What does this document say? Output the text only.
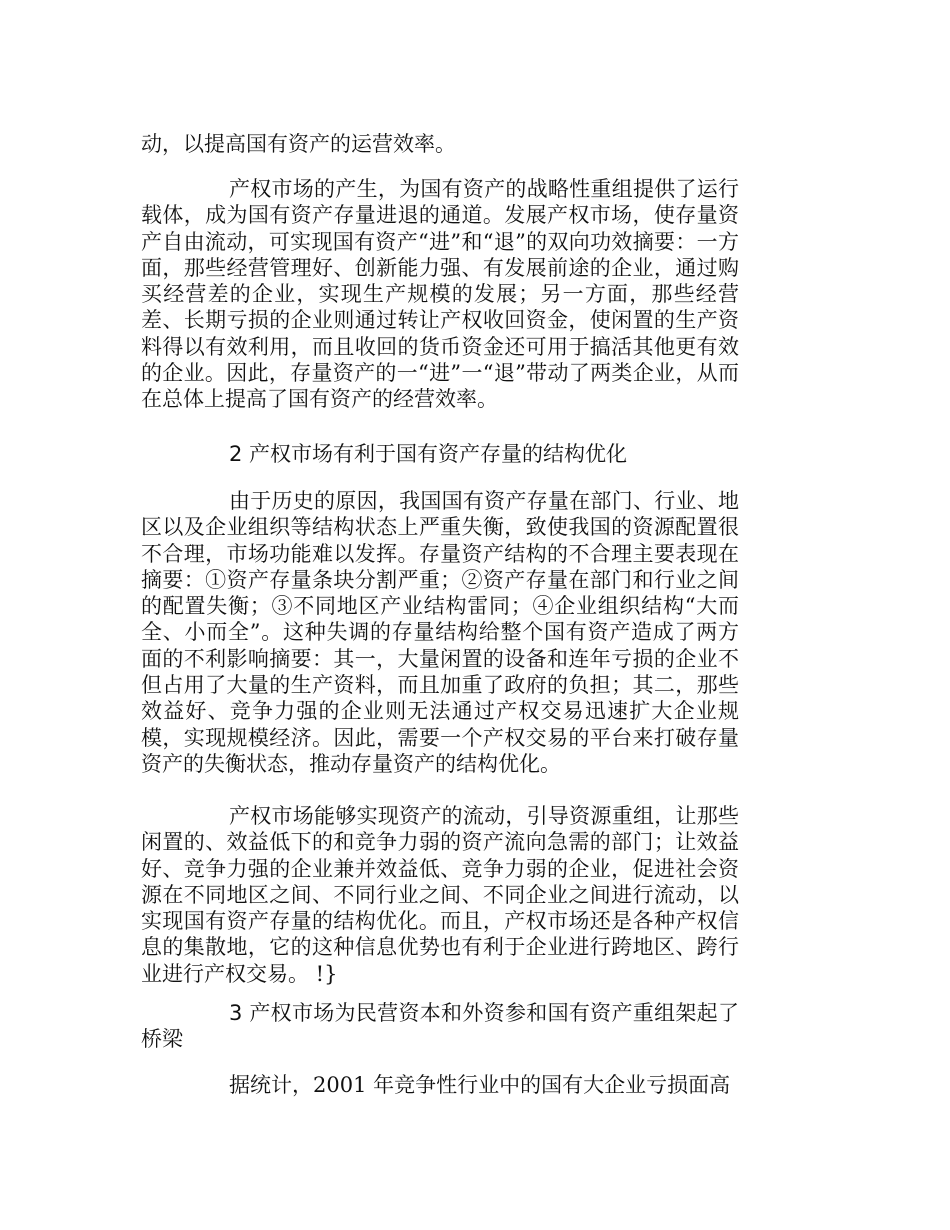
动，以提高国有资产的运营效率。

产权市场的产生，为国有资产的战略性重组提供了运行载体，成为国有资产存量进退的通道。发展产权市场，使存量资产自由流动，可实现国有资产“进”和“退”的双向功效摘要：一方面，那些经营管理好、创新能力强、有发展前途的企业，通过购买经营差的企业，实现生产规模的发展；另一方面，那些经营差、长期亏损的企业则通过转让产权收回资金，使闲置的生产资料得以有效利用，而且收回的货币资金还可用于搞活其他更有效的企业。因此，存量资产的一“进”一“退”带动了两类企业，从而在总体上提高了国有资产的经营效率。

2 产权市场有利于国有资产存量的结构优化

由于历史的原因，我国国有资产存量在部门、行业、地区以及企业组织等结构状态上严重失衡，致使我国的资源配置很不合理，市场功能难以发挥。存量资产结构的不合理主要表现在摘要：①资产存量条块分割严重；②资产存量在部门和行业之间的配置失衡；③不同地区产业结构雷同；④企业组织结构“大而全、小而全”。这种失调的存量结构给整个国有资产造成了两方面的不利影响摘要：其一，大量闲置的设备和连年亏损的企业不但占用了大量的生产资料，而且加重了政府的负担；其二，那些效益好、竞争力强的企业则无法通过产权交易迅速扩大企业规模，实现规模经济。因此，需要一个产权交易的平台来打破存量资产的失衡状态，推动存量资产的结构优化。

产权市场能够实现资产的流动，引导资源重组，让那些闲置的、效益低下的和竞争力弱的资产流向急需的部门；让效益好、竞争力强的企业兼并效益低、竞争力弱的企业，促进社会资源在不同地区之间、不同行业之间、不同企业之间进行流动，以实现国有资产存量的结构优化。而且，产权市场还是各种产权信息的集散地，它的这种信息优势也有利于企业进行跨地区、跨行业进行产权交易。 !}

3 产权市场为民营资本和外资参和国有资产重组架起了桥梁

据统计，2001 年竞争性行业中的国有大企业亏损面高
